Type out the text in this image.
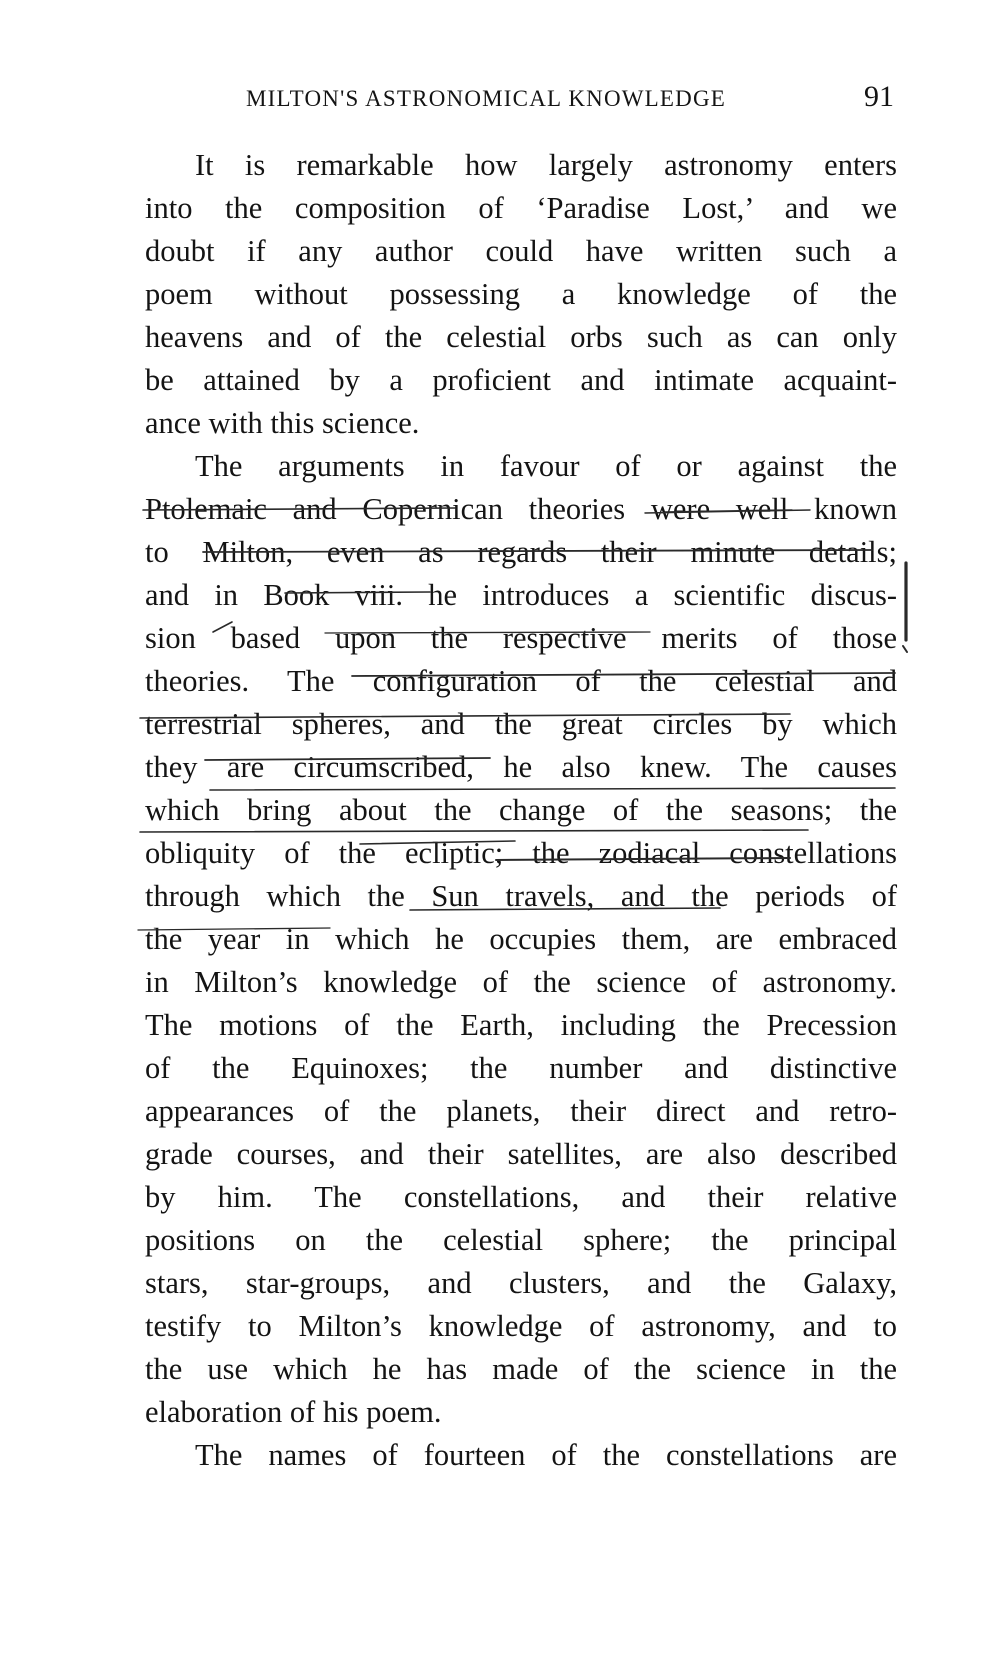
MILTON'S ASTRONOMICAL KNOWLEDGE	91
It is remarkable how largely astronomy enters
into the composition of ‘Paradise Lost,’ and we
doubt if any author could have written such a
poem without possessing a knowledge of the
heavens and of the celestial orbs such as can only
be attained by a proficient and intimate acquaint-
ance with this science.
The arguments in favour of or against the
Ptolemaic and Copernican theories were well known
to Milton, even as regards their minute details;
and in Book viii. he introduces a scientific discus-
sion based upon the respective merits of those
theories. The configuration of the celestial and
terrestrial spheres, and the great circles by which
they are circumscribed, he also knew. The causes
which bring about the change of the seasons; the
obliquity of the ecliptic; the zodiacal constellations
through which the Sun travels, and the periods of
the year in which he occupies them, are embraced
in Milton’s knowledge of the science of astronomy.
The motions of the Earth, including the Precession
of the Equinoxes; the number and distinctive
appearances of the planets, their direct and retro-
grade courses, and their satellites, are also described
by him. The constellations, and their relative
positions on the celestial sphere; the principal
stars, star-groups, and clusters, and the Galaxy,
testify to Milton’s knowledge of astronomy, and to
the use which he has made of the science in the
elaboration of his poem.
The names of fourteen of the constellations are
